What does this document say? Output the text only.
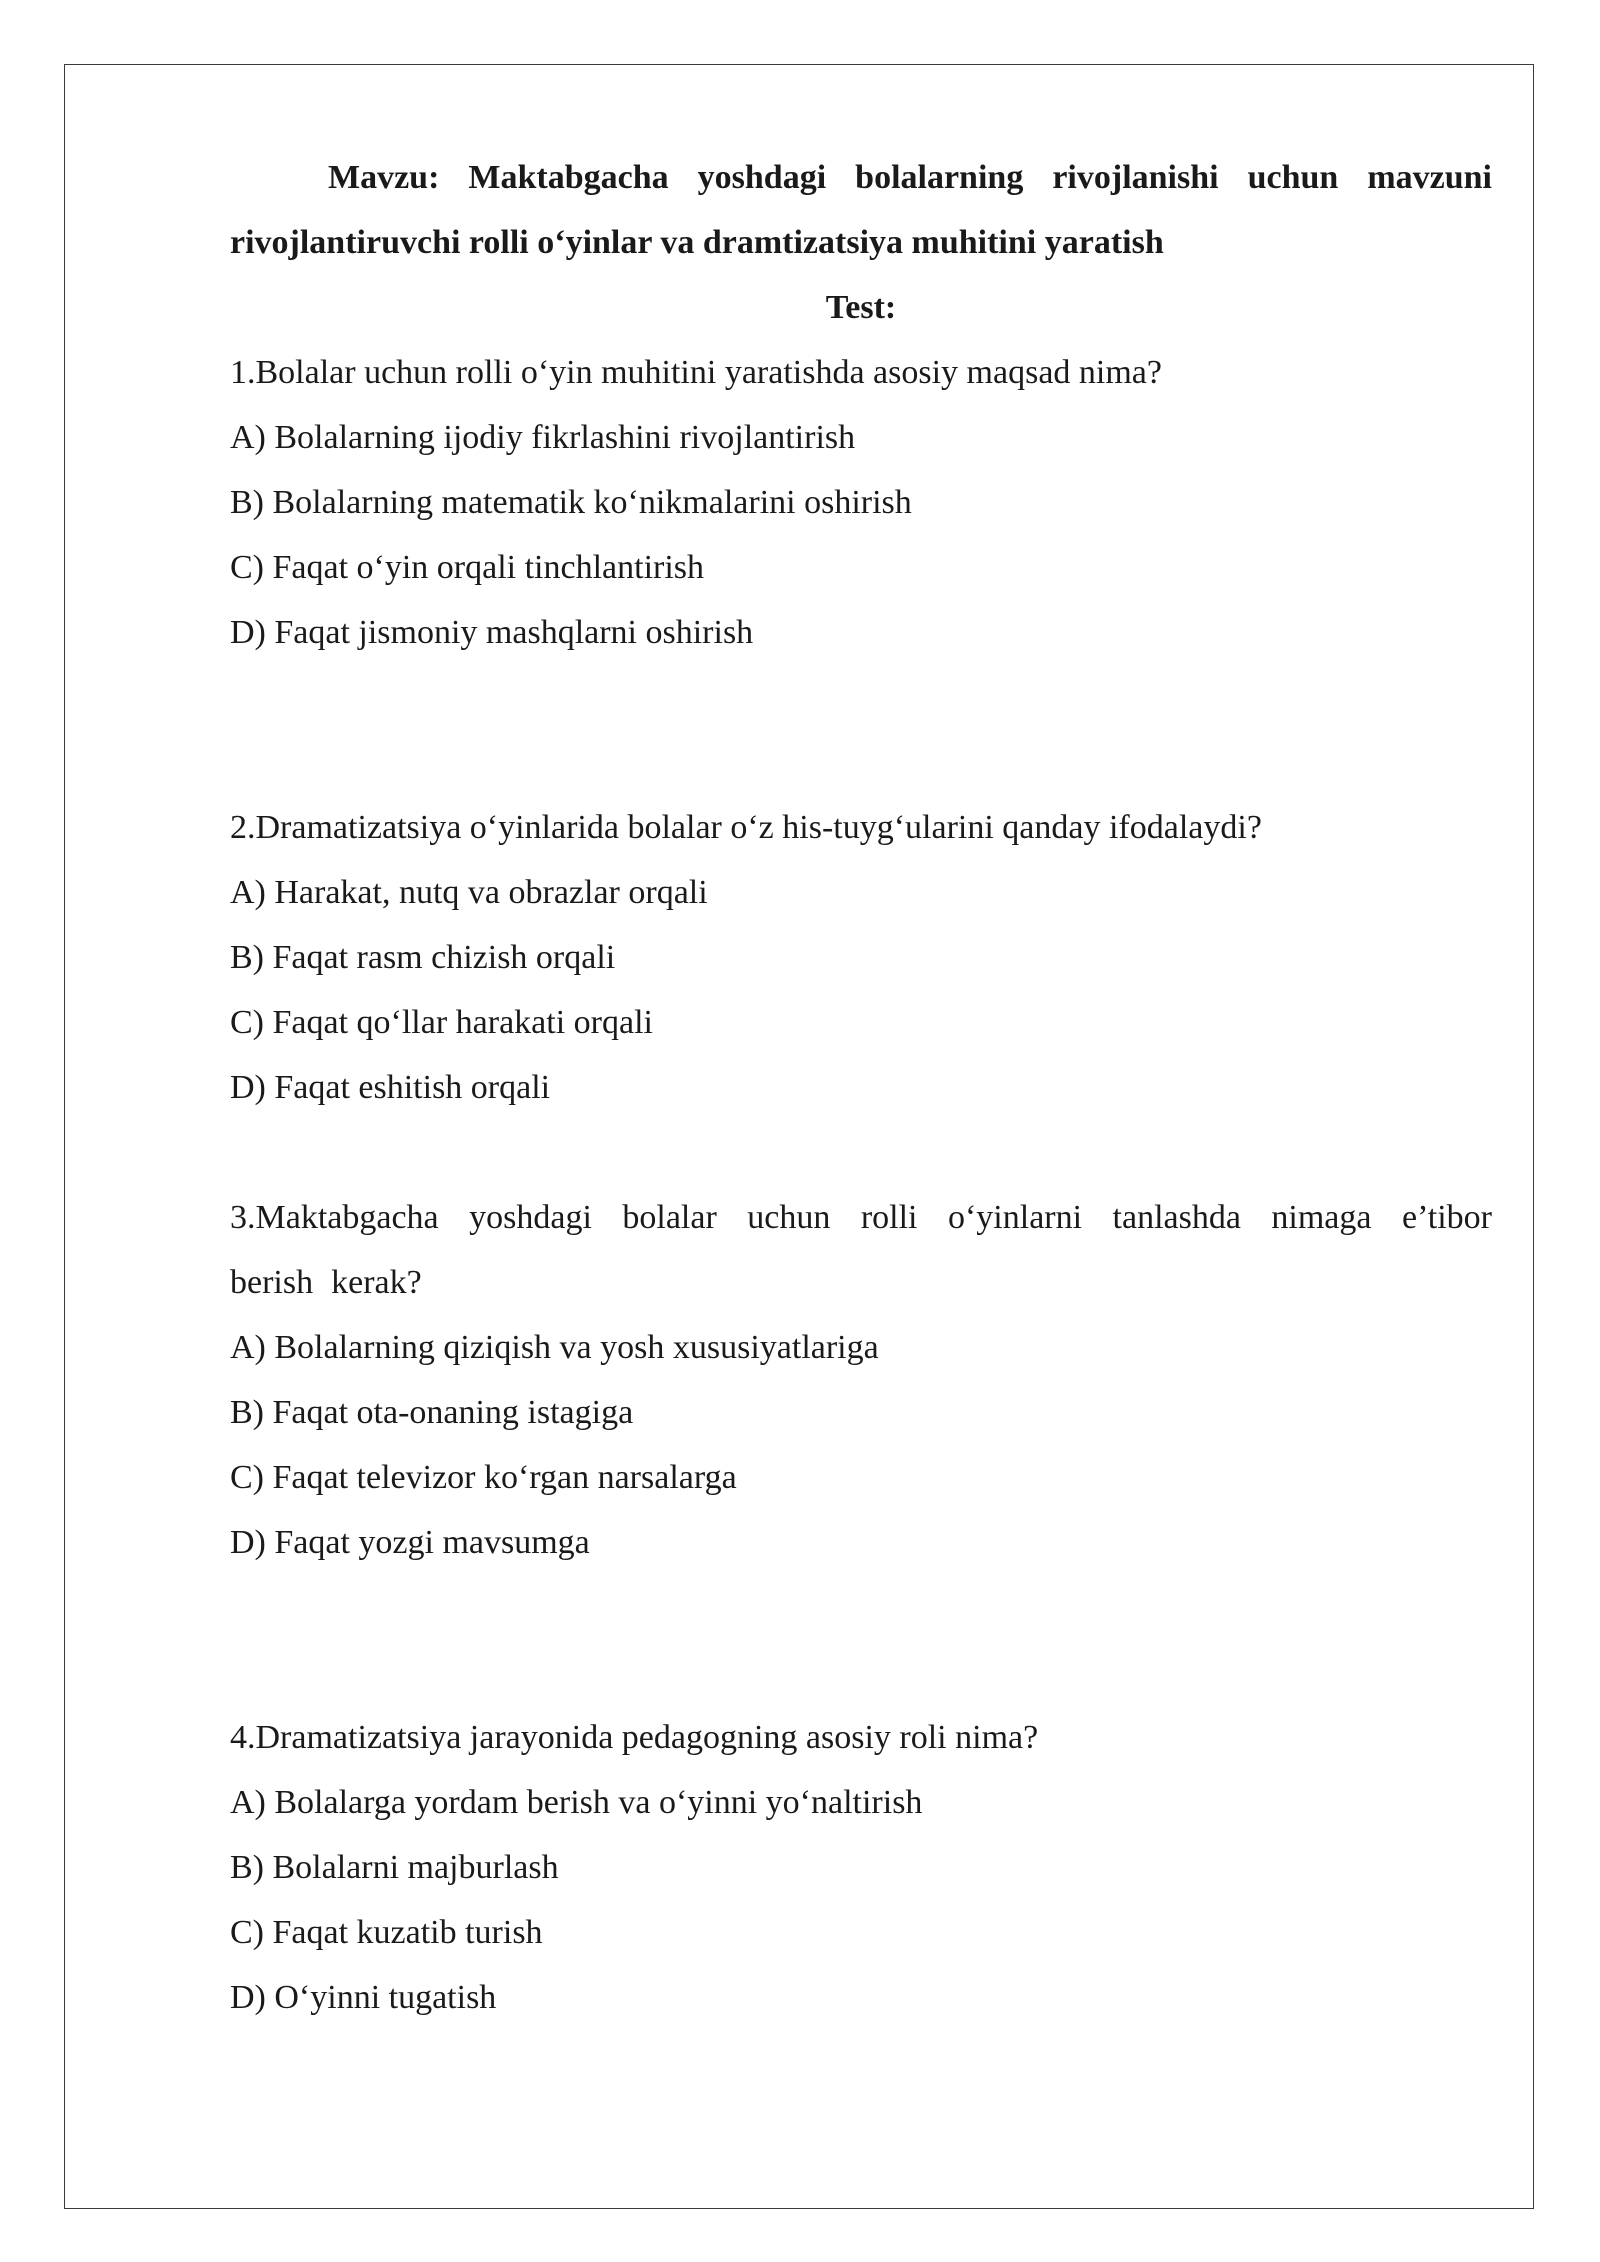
Mavzu: Maktabgacha yoshdagi bolalarning rivojlanishi uchun mavzuni rivojlantiruvchi rolli o‘yinlar va dramtizatsiya muhitini yaratish

Test:

1.Bolalar uchun rolli o‘yin muhitini yaratishda asosiy maqsad nima?

A) Bolalarning ijodiy fikrlashini rivojlantirish

B) Bolalarning matematik ko‘nikmalarini oshirish

C) Faqat o‘yin orqali tinchlantirish

D) Faqat jismoniy mashqlarni oshirish

2.Dramatizatsiya o‘yinlarida bolalar o‘z his-tuyg‘ularini qanday ifodalaydi?

A) Harakat, nutq va obrazlar orqali

B) Faqat rasm chizish orqali

C) Faqat qo‘llar harakati orqali

D) Faqat eshitish orqali

3.Maktabgacha yoshdagi bolalar uchun rolli o‘yinlarni tanlashda nimaga e’tibor berish kerak?

A) Bolalarning qiziqish va yosh xususiyatlariga

B) Faqat ota-onaning istagiga

C) Faqat televizor ko‘rgan narsalarga

D) Faqat yozgi mavsumga

4.Dramatizatsiya jarayonida pedagogning asosiy roli nima?

A) Bolalarga yordam berish va o‘yinni yo‘naltirish

B) Bolalarni majburlash

C) Faqat kuzatib turish

D) O‘yinni tugatish
